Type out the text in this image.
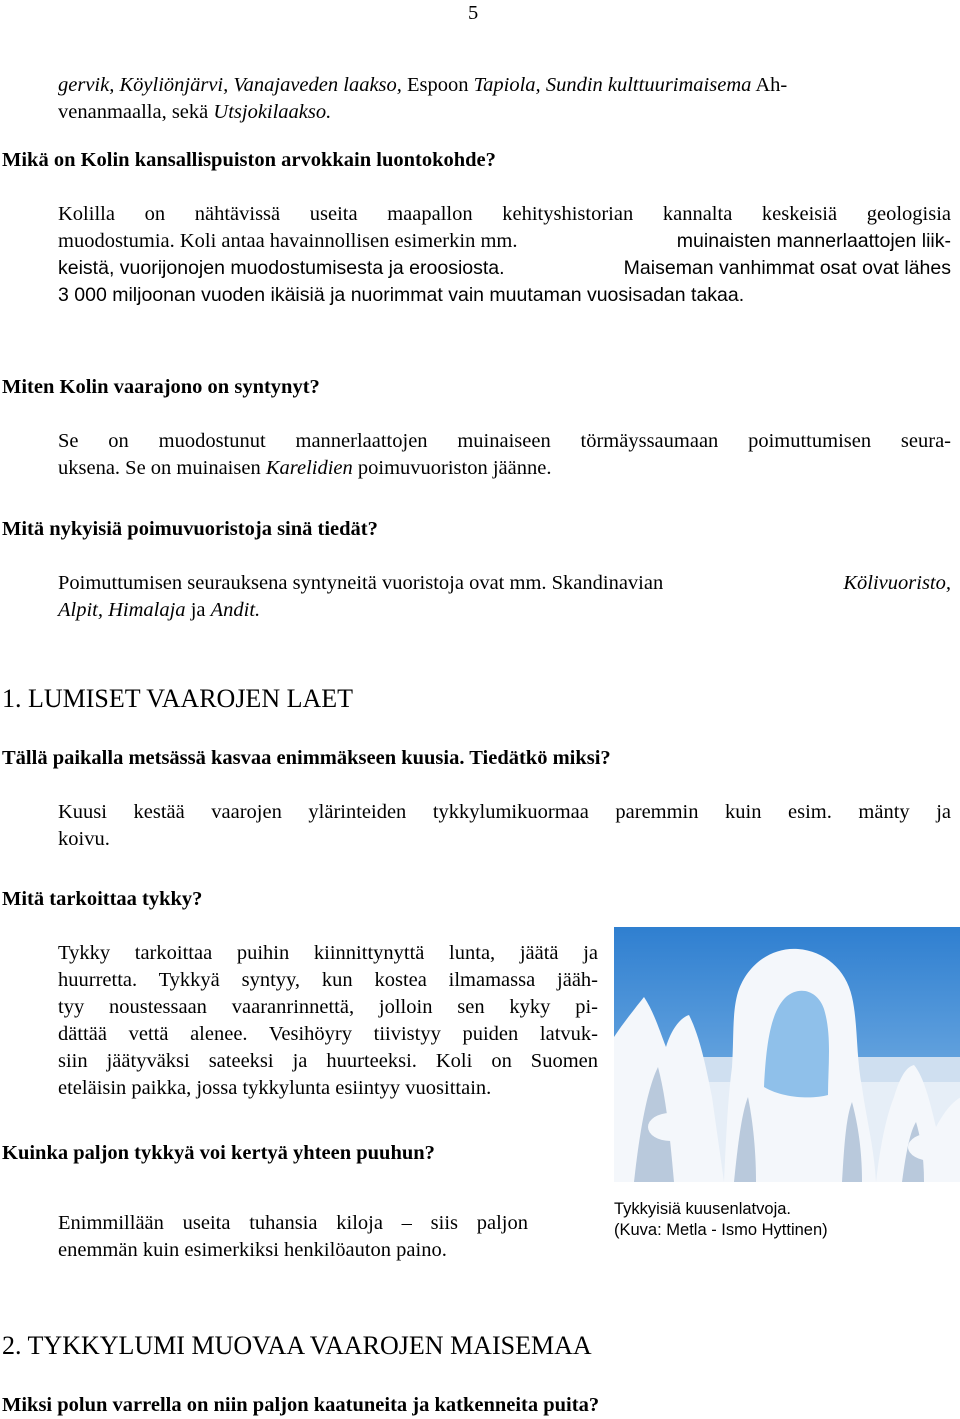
5
gervik, Köyliönjärvi, Vanajaveden laakso, Espoon Tapiola, Sundin kulttuurimaisema Ah-
venanmaalla, sekä Utsjokilaakso.
Mikä on Kolin kansallispuiston arvokkain luontokohde?
Kolilla on nähtävissä useita maapallon kehityshistorian kannalta keskeisiä geologisia
muodostumia. Koli antaa havainnollisen esimerkin mm.	muinaisten mannerlaattojen liik-
keistä, vuorijonojen muodostumisesta ja eroosiosta.	Maiseman vanhimmat osat ovat lähes
3 000 miljoonan vuoden ikäisiä ja nuorimmat vain muutaman vuosisadan takaa.
Miten Kolin vaarajono on syntynyt?
Se on muodostunut mannerlaattojen muinaiseen törmäyssaumaan poimuttumisen seura-
uksena. Se on muinaisen Karelidien poimuvuoriston jäänne.
Mitä nykyisiä poimuvuoristoja sinä tiedät?
Poimuttumisen seurauksena syntyneitä vuoristoja ovat mm. Skandinavian	Kölivuoristo,
Alpit, Himalaja ja Andit.
1. LUMISET VAAROJEN LAET
Tällä paikalla metsässä kasvaa enimmäkseen kuusia. Tiedätkö miksi?
Kuusi kestää vaarojen ylärinteiden tykkylumikuormaa paremmin kuin esim. mänty ja
koivu.
Mitä tarkoittaa tykky?
Tykky tarkoittaa puihin kiinnittynyttä lunta, jäätä ja
huurretta. Tykkyä syntyy, kun kostea ilmamassa jääh-
tyy noustessaan vaaranrinnettä, jolloin sen kyky pi-
dättää vettä alenee. Vesihöyry tiivistyy puiden latvuk-
siin jäätyväksi sateeksi ja huurteeksi. Koli on Suomen
eteläisin paikka, jossa tykkylunta esiintyy vuosittain.
Tykkyisiä kuusenlatvoja.
(Kuva: Metla - Ismo Hyttinen)
Kuinka paljon tykkyä voi kertyä yhteen puuhun?
Enimmillään useita tuhansia kiloja – siis paljon
enemmän kuin esimerkiksi henkilöauton paino.
2. TYKKYLUMI MUOVAA VAAROJEN MAISEMAA
Miksi polun varrella on niin paljon kaatuneita ja katkenneita puita?
